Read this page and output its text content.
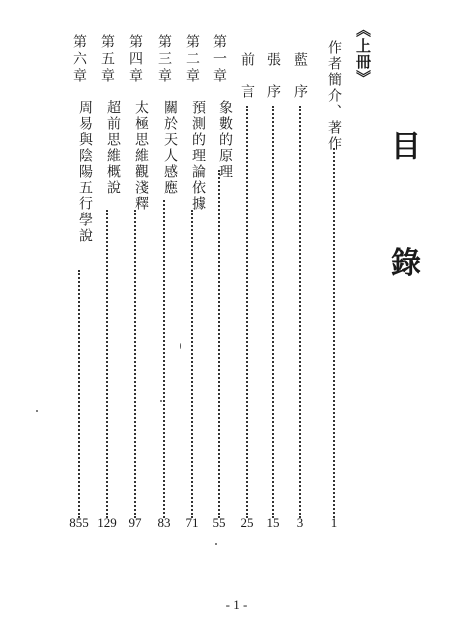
目 錄
《上冊》
作者簡介、著作
1
藍　序
3
張　序
15
前　言
25
第一章
55
第二章
71
第三章
83
第四章
97
第五章
129
第六章
855
象數的原理
預測的理論依據
關於天人感應
太極思維觀淺釋
超前思維概說
周易與陰陽五行學說
- 1 -
